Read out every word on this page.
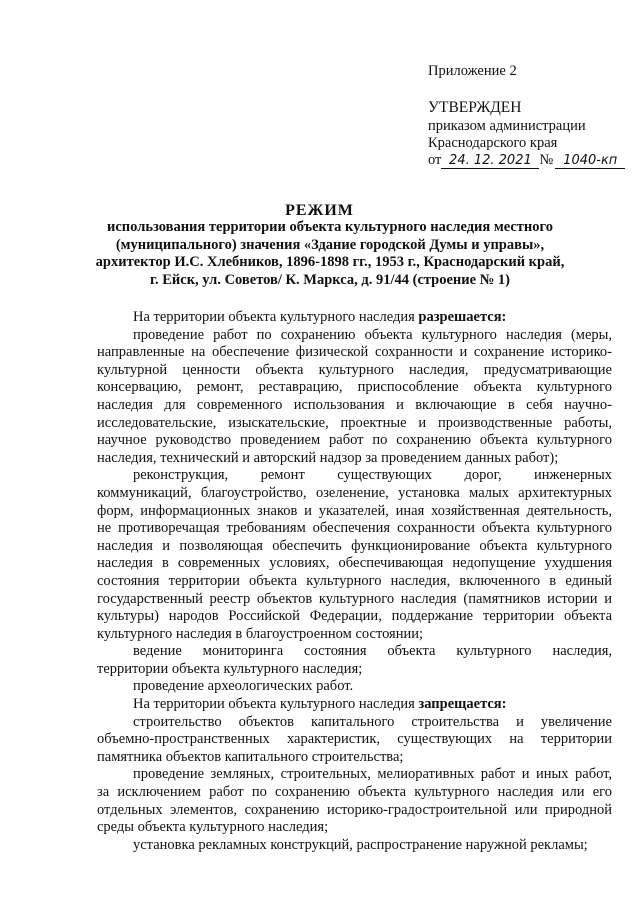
Приложение 2
УТВЕРЖДЕН
приказом администрации
Краснодарского края
от 24. 12. 2021 № 1040-кп
РЕЖИМ
использования территории объекта культурного наследия местного
(муниципального) значения «Здание городской Думы и управы»,
архитектор И.С. Хлебников, 1896-1898 гг., 1953 г., Краснодарский край,
г. Ейск, ул. Советов/ К. Маркса, д. 91/44 (строение № 1)
На территории объекта культурного наследия разрешается:
проведение работ по сохранению объекта культурного наследия (меры,
направленные на обеспечение физической сохранности и сохранение историко-
культурной ценности объекта культурного наследия, предусматривающие
консервацию, ремонт, реставрацию, приспособление объекта культурного
наследия для современного использования и включающие в себя научно-
исследовательские, изыскательские, проектные и производственные работы,
научное руководство проведением работ по сохранению объекта культурного
наследия, технический и авторский надзор за проведением данных работ);
реконструкция, ремонт существующих дорог, инженерных
коммуникаций, благоустройство, озеленение, установка малых архитектурных
форм, информационных знаков и указателей, иная хозяйственная деятельность,
не противоречащая требованиям обеспечения сохранности объекта культурного
наследия и позволяющая обеспечить функционирование объекта культурного
наследия в современных условиях, обеспечивающая недопущение ухудшения
состояния территории объекта культурного наследия, включенного в единый
государственный реестр объектов культурного наследия (памятников истории и
культуры) народов Российской Федерации, поддержание территории объекта
культурного наследия в благоустроенном состоянии;
ведение мониторинга состояния объекта культурного наследия,
территории объекта культурного наследия;
проведение археологических работ.
На территории объекта культурного наследия запрещается:
строительство объектов капитального строительства и увеличение
объемно-пространственных характеристик, существующих на территории
памятника объектов капитального строительства;
проведение земляных, строительных, мелиоративных работ и иных работ,
за исключением работ по сохранению объекта культурного наследия или его
отдельных элементов, сохранению историко-градостроительной или природной
среды объекта культурного наследия;
установка рекламных конструкций, распространение наружной рекламы;
